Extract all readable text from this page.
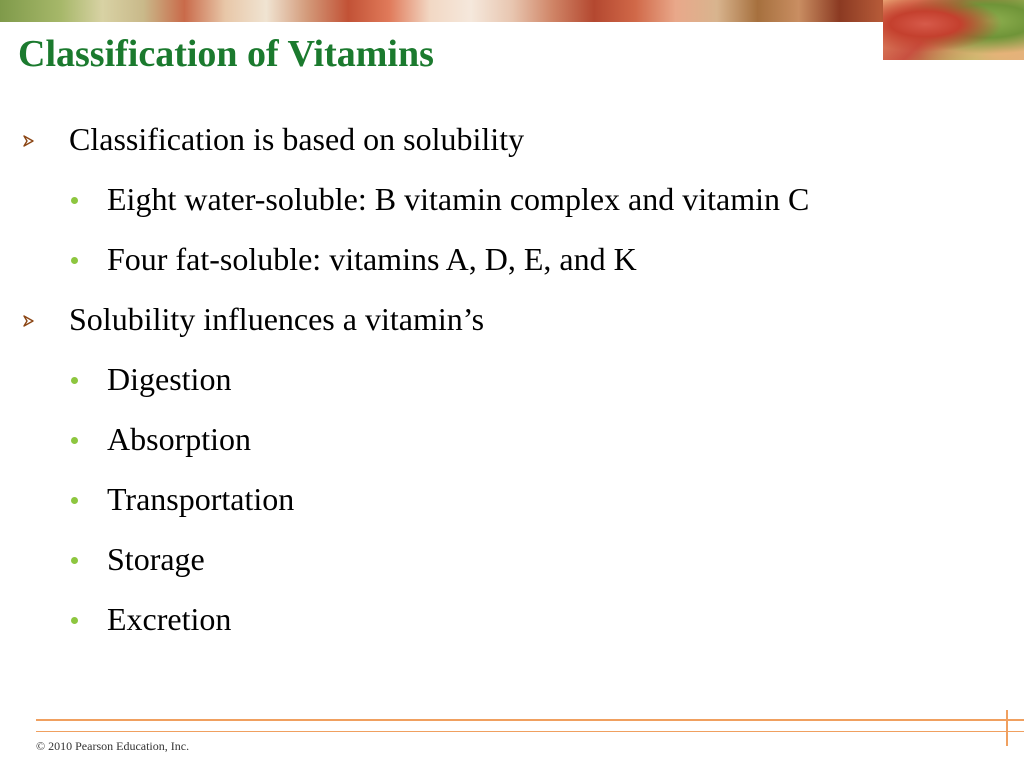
Classification of Vitamins
Classification is based on solubility
Eight water-soluble: B vitamin complex and vitamin C
Four fat-soluble: vitamins A, D, E, and K
Solubility influences a vitamin’s
Digestion
Absorption
Transportation
Storage
Excretion
© 2010 Pearson Education, Inc.
